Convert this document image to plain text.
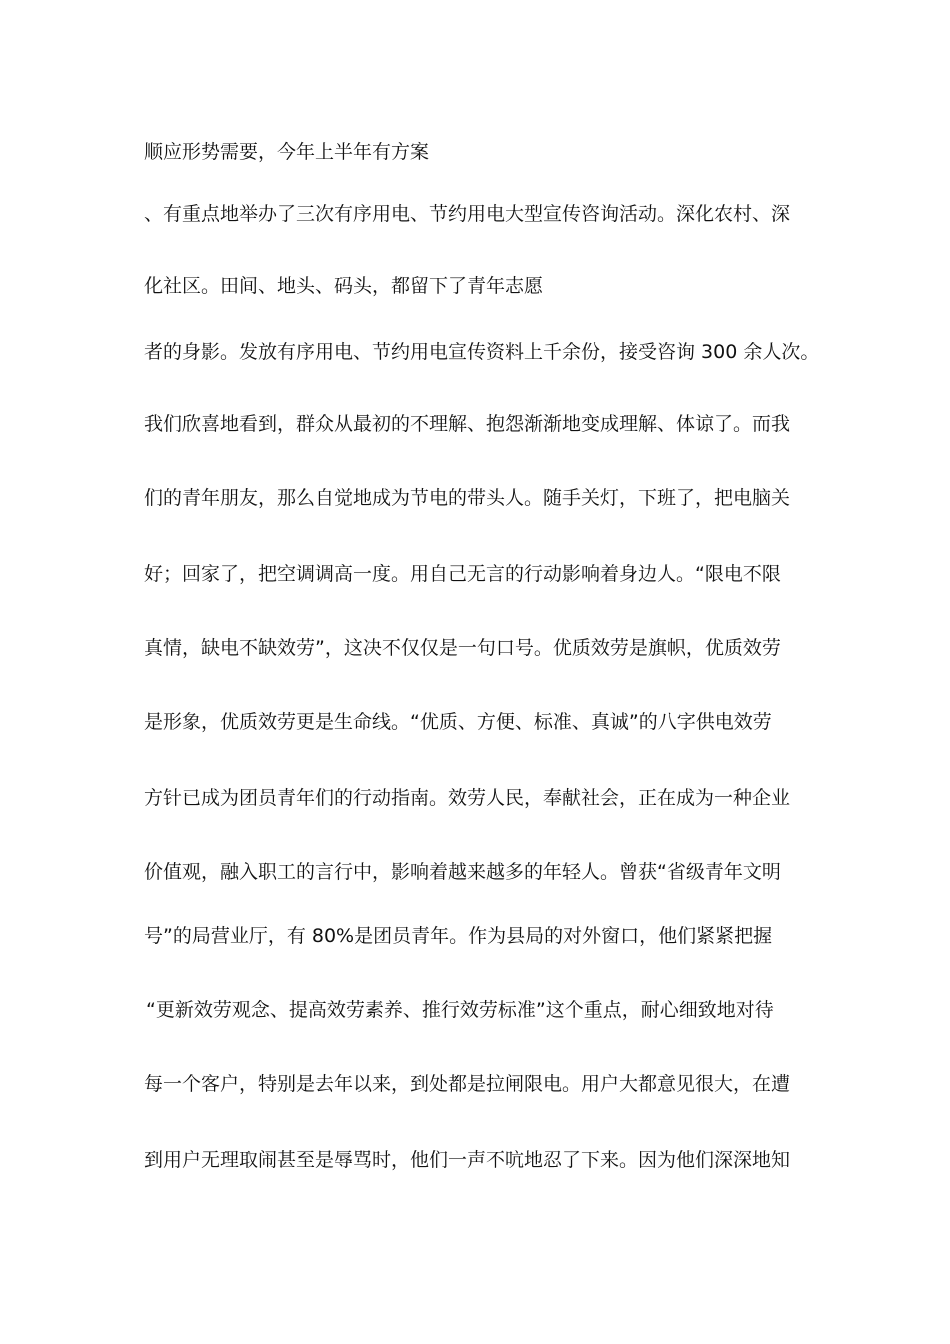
顺应形势需要，今年上半年有方案

、有重点地举办了三次有序用电、节约用电大型宣传咨询活动。深化农村、深

化社区。田间、地头、码头，都留下了青年志愿

者的身影。发放有序用电、节约用电宣传资料上千余份，接受咨询 300 余人次。

我们欣喜地看到，群众从最初的不理解、抱怨渐渐地变成理解、体谅了。而我

们的青年朋友，那么自觉地成为节电的带头人。随手关灯，下班了，把电脑关

好；回家了，把空调调高一度。用自己无言的行动影响着身边人。“限电不限

真情，缺电不缺效劳”，这决不仅仅是一句口号。优质效劳是旗帜，优质效劳

是形象，优质效劳更是生命线。“优质、方便、标准、真诚”的八字供电效劳

方针已成为团员青年们的行动指南。效劳人民，奉献社会，正在成为一种企业

价值观，融入职工的言行中，影响着越来越多的年轻人。曾获“省级青年文明

号”的局营业厅，有 80%是团员青年。作为县局的对外窗口，他们紧紧把握

“更新效劳观念、提高效劳素养、推行效劳标准”这个重点，耐心细致地对待

每一个客户，特别是去年以来，到处都是拉闸限电。用户大都意见很大，在遭

到用户无理取闹甚至是辱骂时，他们一声不吭地忍了下来。因为他们深深地知
